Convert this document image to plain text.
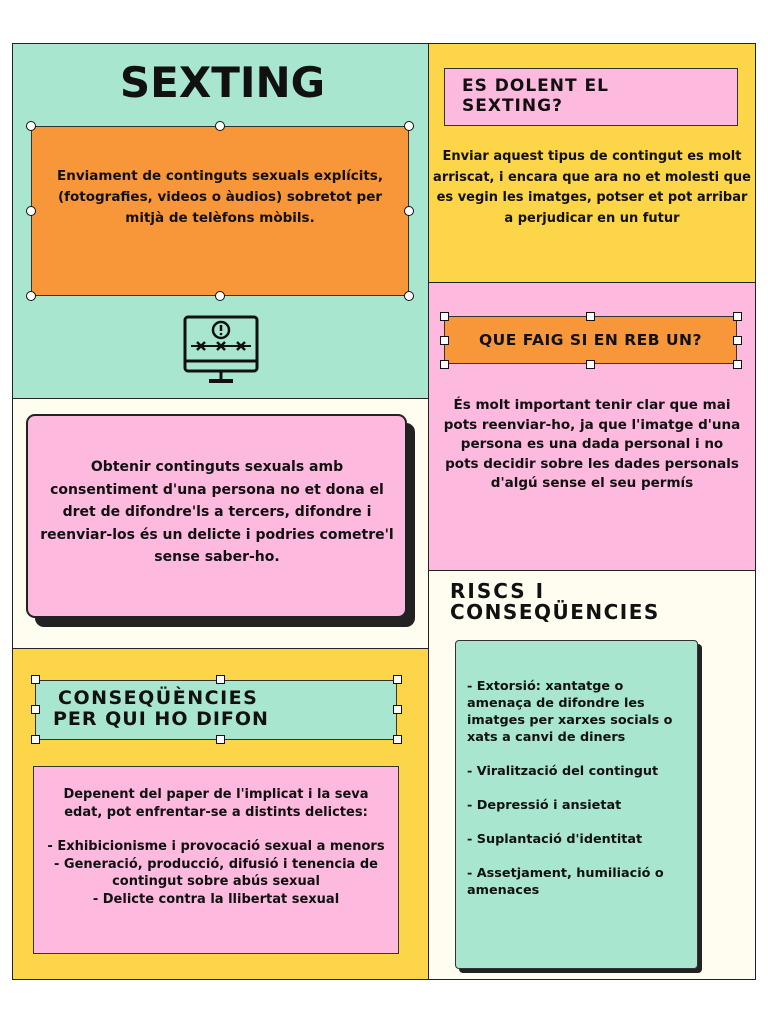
SEXTING
Enviament de continguts sexuals explícits, (fotografies, videos o àudios) sobretot per mitjà de telèfons mòbils.
ES DOLENT EL SEXTING?
Enviar aquest tipus de contingut es molt arriscat, i encara que ara no et molesti que es vegin les imatges, potser et pot arribar a perjudicar en un futur
QUE FAIG SI EN REB UN?
És molt important tenir clar que mai pots reenviar-ho, ja que l'imatge d'una persona es una dada personal i no pots decidir sobre les dades personals d'algú sense el seu permís
Obtenir continguts sexuals amb consentiment d'una persona no et dona el dret de difondre'ls a tercers, difondre i reenviar-los és un delicte i podries cometre'l sense saber-ho.
CONSEQÜÈNCIES
PER QUI HO DIFON
Depenent del paper de l'implicat i la seva edat, pot enfrentar-se a distints delictes:
- Exhibicionisme i provocació sexual a menors
- Generació, producció, difusió i tenencia de contingut sobre abús sexual
- Delicte contra la llibertat sexual
RISCS I
CONSEQÜENCIES
- Extorsió: xantatge o amenaça de difondre les imatges per xarxes socials o xats a canvi de diners
- Viralització del contingut
- Depressió i ansietat
- Suplantació d'identitat
- Assetjament, humiliació o amenaces
